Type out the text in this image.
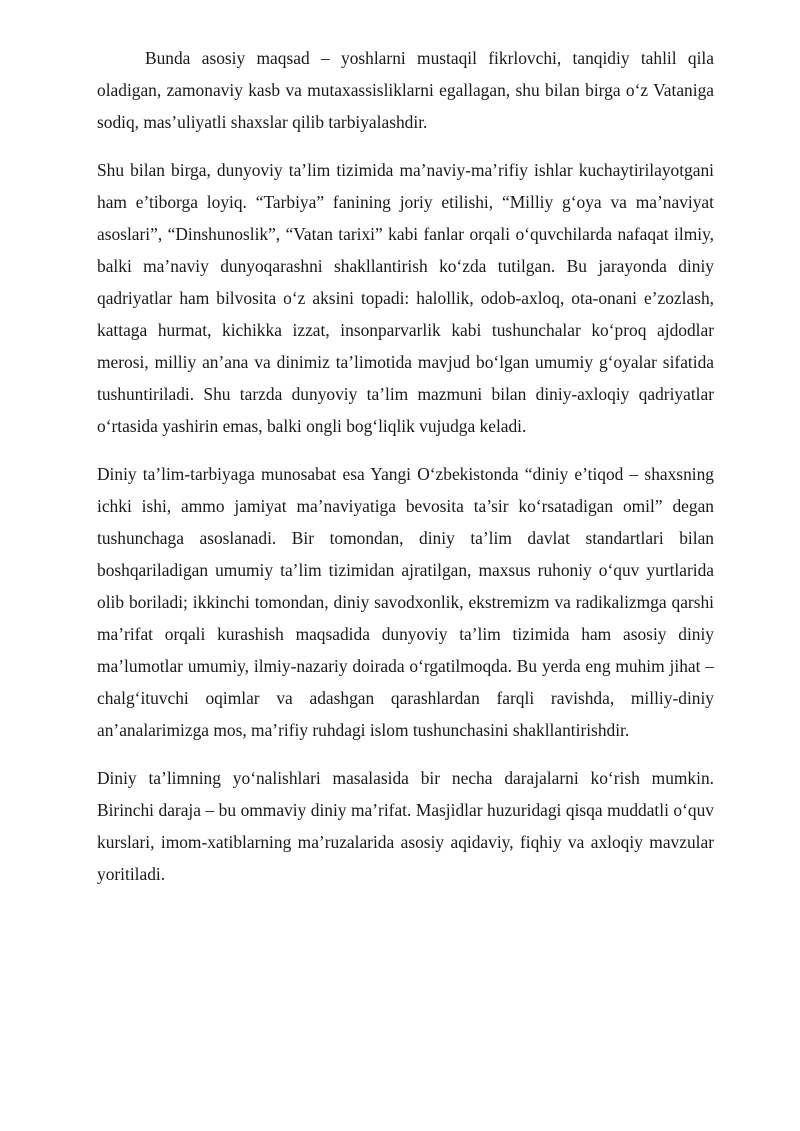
Bunda asosiy maqsad – yoshlarni mustaqil fikrlovchi, tanqidiy tahlil qila oladigan, zamonaviy kasb va mutaxassisliklarni egallagan, shu bilan birga o‘z Vataniga sodiq, mas’uliyatli shaxslar qilib tarbiyalashdir.

Shu bilan birga, dunyoviy ta’lim tizimida ma’naviy-ma’rifiy ishlar kuchaytirilayotgani ham e’tiborga loyiq. “Tarbiya” fanining joriy etilishi, “Milliy g‘oya va ma’naviyat asoslari”, “Dinshunoslik”, “Vatan tarixi” kabi fanlar orqali o‘quvchilarda nafaqat ilmiy, balki ma’naviy dunyoqarashni shakllantirish ko‘zda tutilgan. Bu jarayonda diniy qadriyatlar ham bilvosita o‘z aksini topadi: halollik, odob-axloq, ota-onani e’zozlash, kattaga hurmat, kichikka izzat, insonparvarlik kabi tushunchalar ko‘proq ajdodlar merosi, milliy an’ana va dinimiz ta’limotida mavjud bo‘lgan umumiy g‘oyalar sifatida tushuntiriladi. Shu tarzda dunyoviy ta’lim mazmuni bilan diniy-axloqiy qadriyatlar o‘rtasida yashirin emas, balki ongli bog‘liqlik vujudga keladi.

Diniy ta’lim-tarbiyaga munosabat esa Yangi O‘zbekistonda “diniy e’tiqod – shaxsning ichki ishi, ammo jamiyat ma’naviyatiga bevosita ta’sir ko‘rsatadigan omil” degan tushunchaga asoslanadi. Bir tomondan, diniy ta’lim davlat standartlari bilan boshqariladigan umumiy ta’lim tizimidan ajratilgan, maxsus ruhoniy o‘quv yurtlarida olib boriladi; ikkinchi tomondan, diniy savodxonlik, ekstremizm va radikalizmga qarshi ma’rifat orqali kurashish maqsadida dunyoviy ta’lim tizimida ham asosiy diniy ma’lumotlar umumiy, ilmiy-nazariy doirada o‘rgatilmoqda. Bu yerda eng muhim jihat – chalg‘ituvchi oqimlar va adashgan qarashlardan farqli ravishda, milliy-diniy an’analarimizga mos, ma’rifiy ruhdagi islom tushunchasini shakllantirishdir.

Diniy ta’limning yo‘nalishlari masalasida bir necha darajalarni ko‘rish mumkin. Birinchi daraja – bu ommaviy diniy ma’rifat. Masjidlar huzuridagi qisqa muddatli o‘quv kurslari, imom-xatiblarning ma’ruzalarida asosiy aqidaviy, fiqhiy va axloqiy mavzular yoritiladi.
